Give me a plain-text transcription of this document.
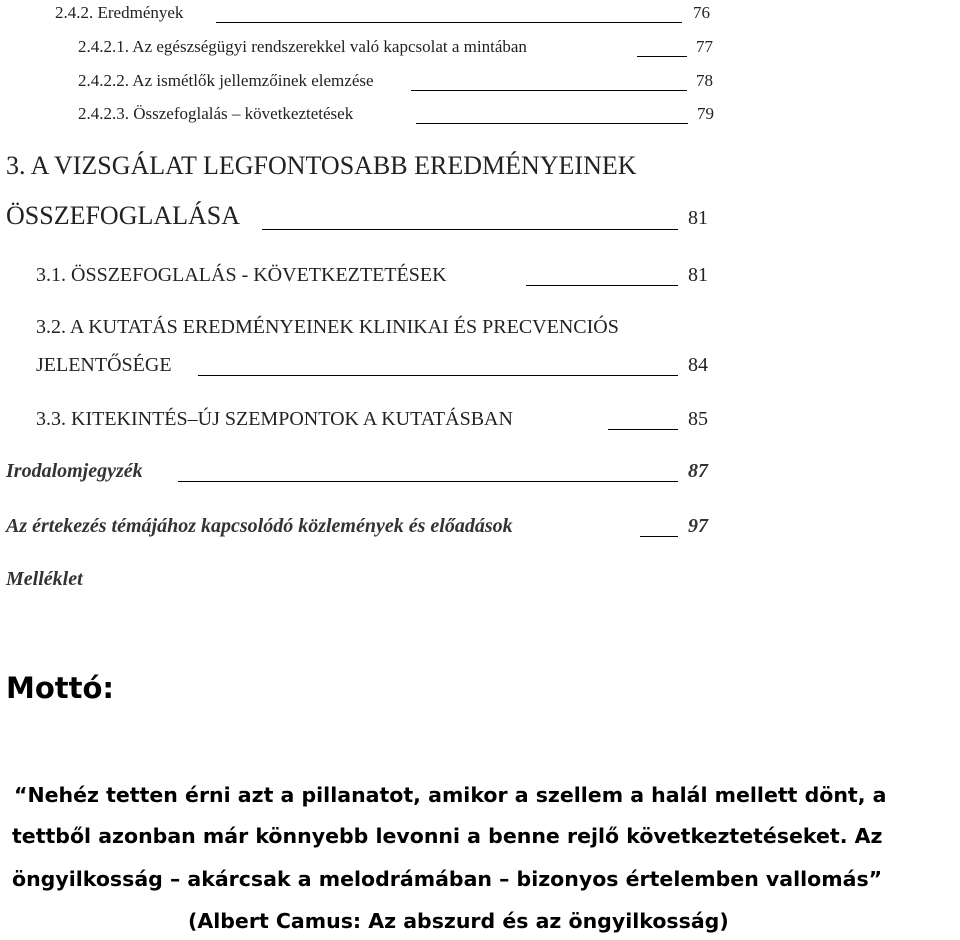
2.4.2. Eredmények	76
2.4.2.1. Az egészségügyi rendszerekkel való kapcsolat a mintában	77
2.4.2.2. Az ismétlők jellemzőinek elemzése	78
2.4.2.3. Összefoglalás – következtetések	79
3. A VIZSGÁLAT LEGFONTOSABB EREDMÉNYEINEK
ÖSSZEFOGLALÁSA	81
3.1. ÖSSZEFOGLALÁS - KÖVETKEZTETÉSEK	81
3.2. A KUTATÁS EREDMÉNYEINEK KLINIKAI ÉS PRECVENCIÓS
JELENTŐSÉGE	84
3.3. KITEKINTÉS–ÚJ SZEMPONTOK A KUTATÁSBAN	85
Irodalomjegyzék	87
Az értekezés témájához kapcsolódó közlemények és előadások	97
Melléklet
Mottó:
“Nehéz tetten érni azt a pillanatot, amikor a szellem a halál mellett dönt, a
tettből azonban már könnyebb levonni a benne rejlő következtetéseket. Az
öngyilkosság – akárcsak a melodrámában – bizonyos értelemben vallomás”
(Albert Camus: Az abszurd és az öngyilkosság)
